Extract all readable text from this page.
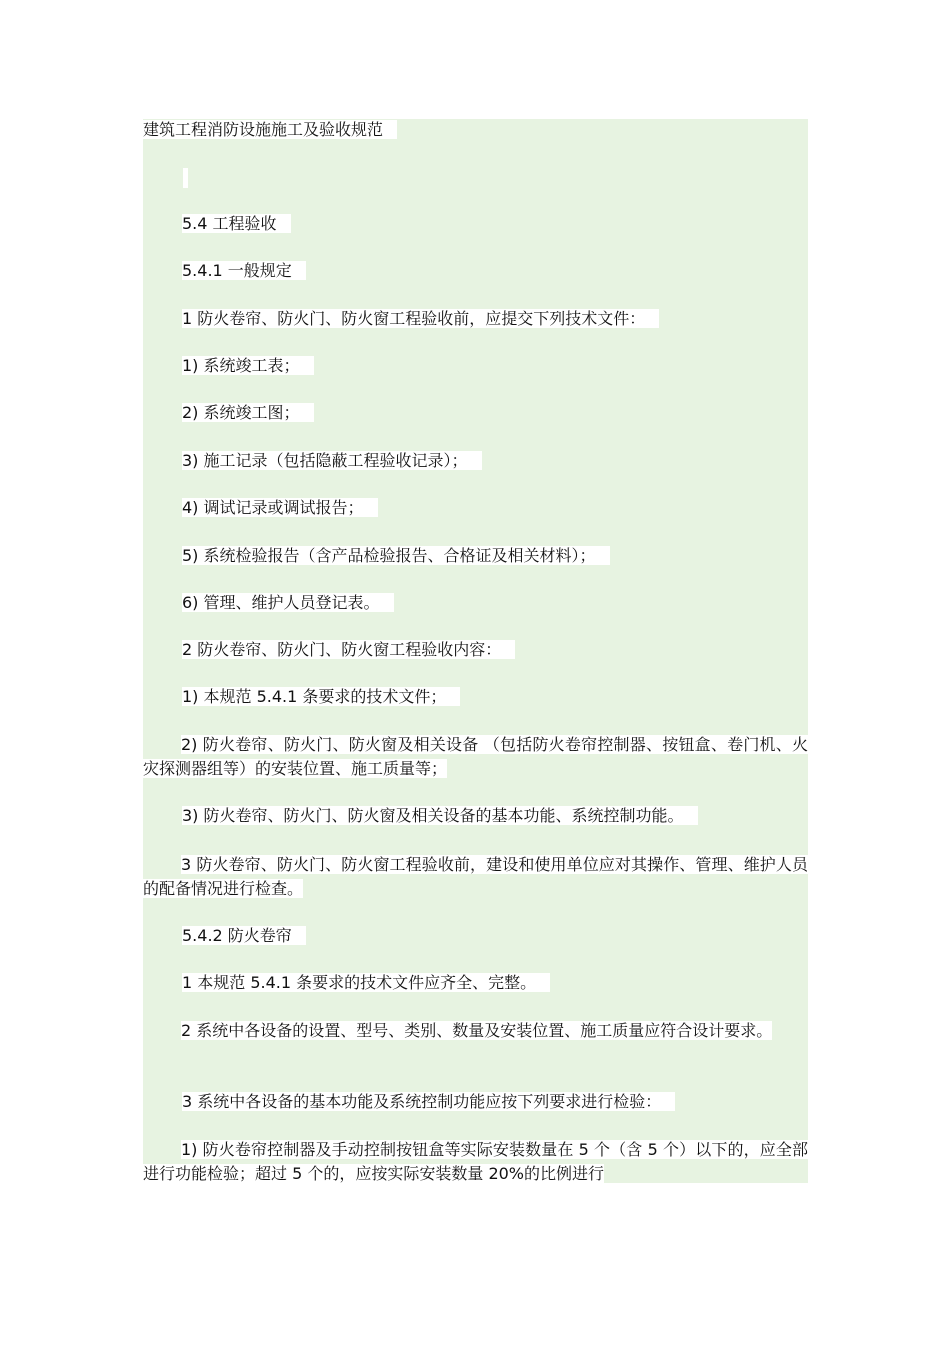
建筑工程消防设施施工及验收规范
5.4 工程验收
5.4.1 一般规定
1 防火卷帘、防火门、防火窗工程验收前，应提交下列技术文件：
1) 系统竣工表；
2) 系统竣工图；
3) 施工记录（包括隐蔽工程验收记录）；
4) 调试记录或调试报告；
5) 系统检验报告（含产品检验报告、合格证及相关材料）；
6) 管理、维护人员登记表。
2 防火卷帘、防火门、防火窗工程验收内容：
1) 本规范 5.4.1 条要求的技术文件；
2) 防火卷帘、防火门、防火窗及相关设备 （包括防火卷帘控制器、按钮盒、卷门机、火灾探测器组等）的安装位置、施工质量等；
3) 防火卷帘、防火门、防火窗及相关设备的基本功能、系统控制功能。
3 防火卷帘、防火门、防火窗工程验收前，建设和使用单位应对其操作、管理、维护人员的配备情况进行检查。
5.4.2 防火卷帘
1 本规范 5.4.1 条要求的技术文件应齐全、完整。
2 系统中各设备的设置、型号、类别、数量及安装位置、施工质量应符合设计要求。
3 系统中各设备的基本功能及系统控制功能应按下列要求进行检验：
1) 防火卷帘控制器及手动控制按钮盒等实际安装数量在 5 个（含 5 个）以下的，应全部进行功能检验；超过 5 个的，应按实际安装数量 20%的比例进行
